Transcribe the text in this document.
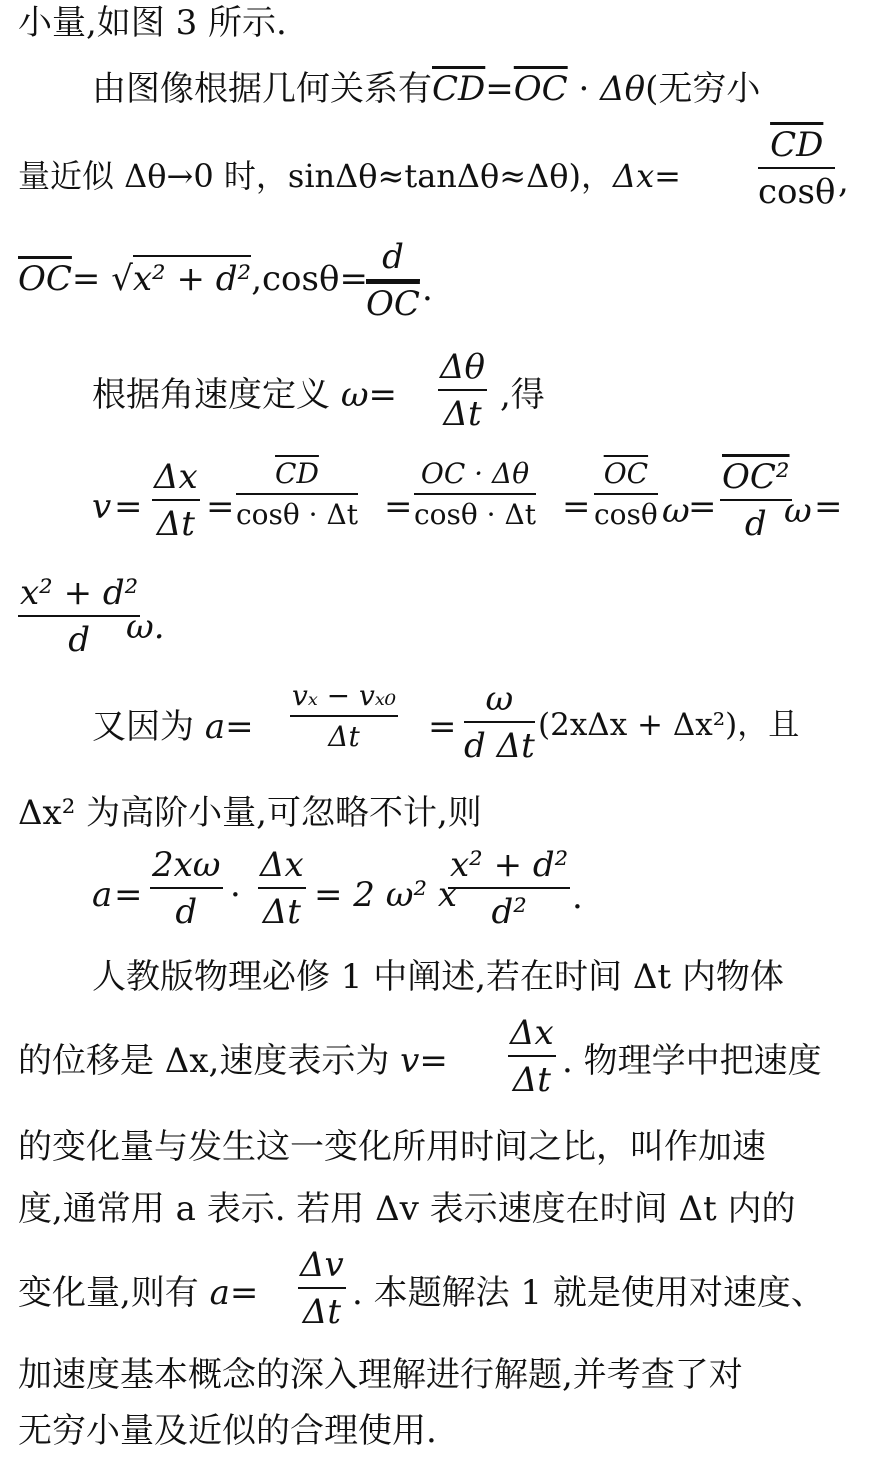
小量,如图 3 所示.
由图像根据几何关系有$\overline{CD}=\overline{OC} \cdot \Delta\theta$(无穷小
量近似 Δθ→0 时，sinΔθ≈tanΔθ≈Δθ)，$\Delta x= \frac{\overline{CD}}{\cos\theta}$ ,
$\overline{OC}= √x^2 + d^2,\cos\theta=$
$\frac{d}{OC}$ .
根据角速度定义 $\omega= \frac{\Delta\theta}{\Delta t}$ ,得
$v = \frac{\Delta x}{\Delta t} = \frac{\overline{CD}}{\cos\theta \cdot \Delta t} = \frac{OC \cdot \Delta\theta}{\cos\theta \cdot \Delta t} = \frac{\overline{OC}}{\cos\theta}$ ω
= $\frac{\text{OC²}}{d}$
ω =
$\frac{\text{x² + d²}}{d}$
ω.
又因为 $a= \frac{\text{vₓ − vₓ₀}}{\Delta t} = \frac{\omega}{\text{d Δt}} (2x\Delta x + \Delta x^2)$，且
Δx² 为高阶小量,可忽略不计,则
$a = \frac{2x\omega}{d} \cdot \frac{\Delta x}{\Delta t} = 2$ ω² x
$\frac{\text{x² + d²}}{\text{d²}}$ .
人教版物理必修 1 中阐述,若在时间 Δt 内物体
的位移是 Δx,速度表示为 $v= \frac{\Delta x}{\Delta t}$ . 物理学中把速度
的变化量与发生这一变化所用时间之比，叫作加速
度,通常用 a 表示. 若用 Δv 表示速度在时间 Δt 内的
变化量,则有 $a= \frac{\Delta v}{\Delta t}$ . 本题解法 1 就是使用对速度、
加速度基本概念的深入理解进行解题,并考查了对
无穷小量及近似的合理使用.
